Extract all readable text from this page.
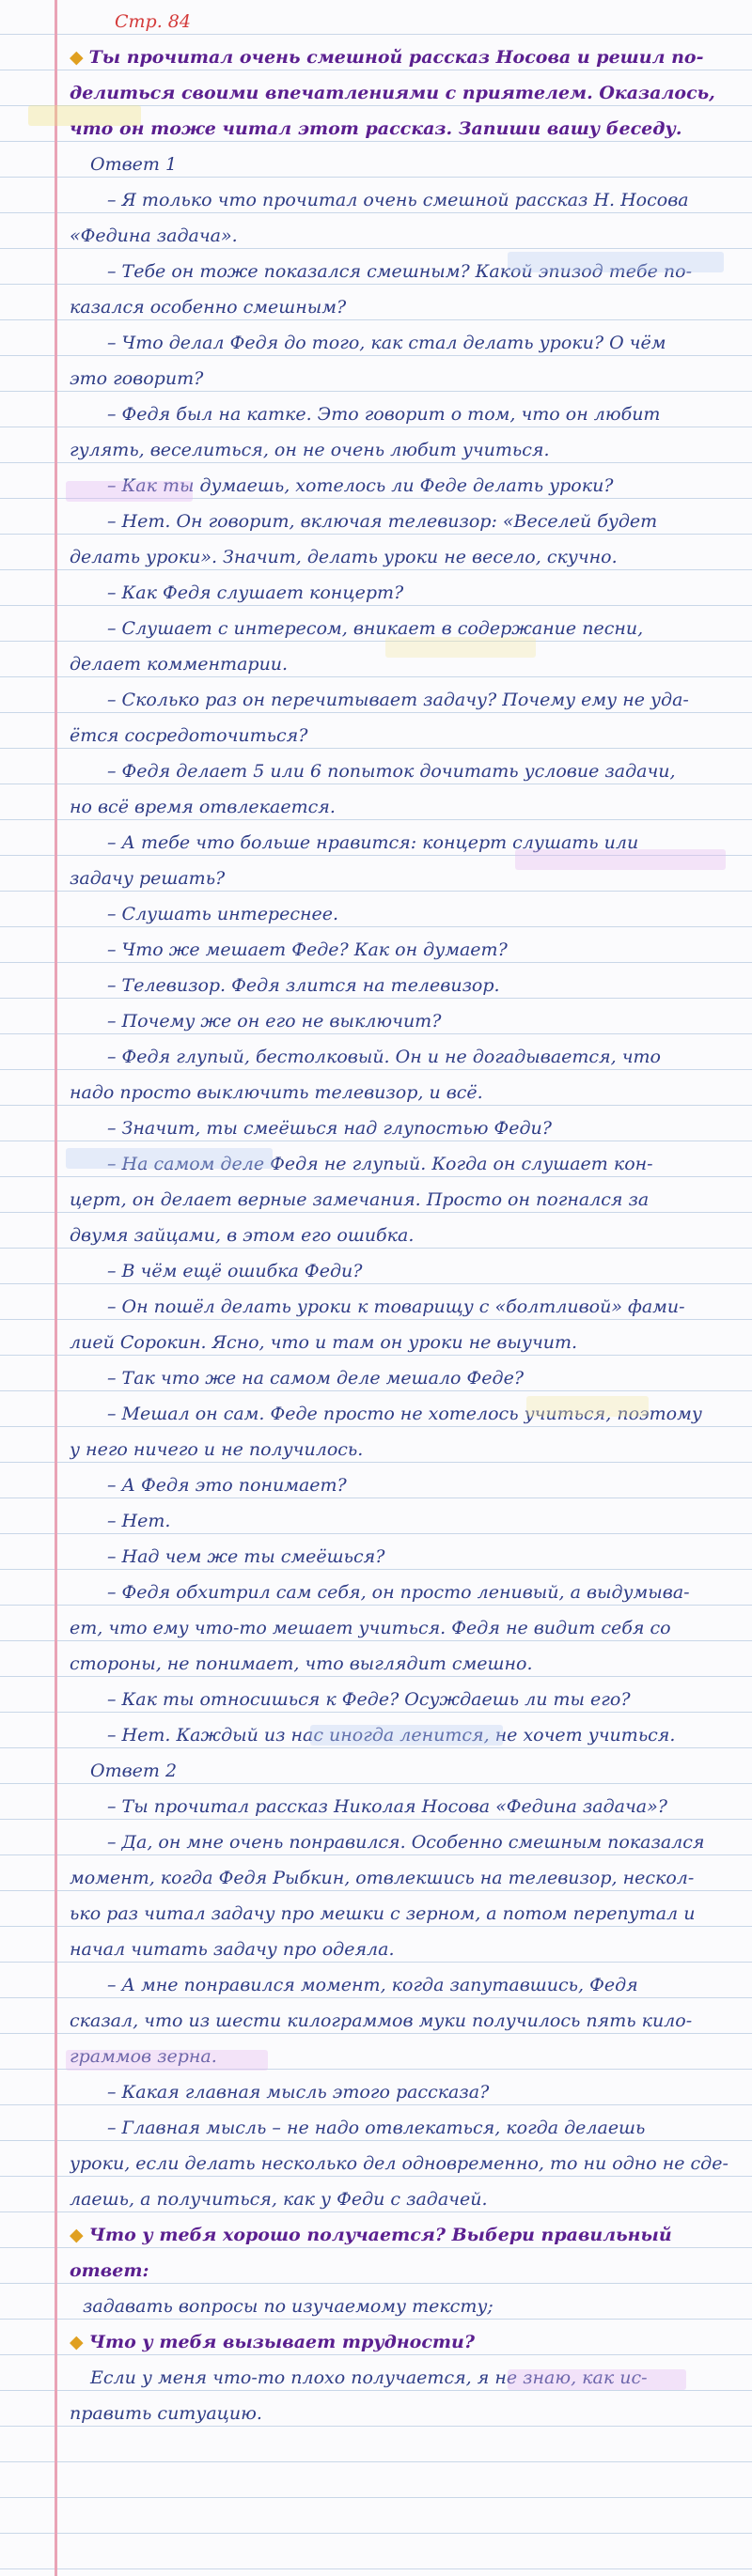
Стр. 84
◆ Ты прочитал очень смешной рассказ Носова и решил по-
делиться своими впечатлениями с приятелем. Оказалось,
что он тоже читал этот рассказ. Запиши вашу беседу.
Ответ 1
– Я только что прочитал очень смешной рассказ Н. Носова
«Федина задача».
– Тебе он тоже показался смешным? Какой эпизод тебе по-
казался особенно смешным?
– Что делал Федя до того, как стал делать уроки? О чём
это говорит?
– Федя был на катке. Это говорит о том, что он любит
гулять, веселиться, он не очень любит учиться.
– Как ты думаешь, хотелось ли Феде делать уроки?
– Нет. Он говорит, включая телевизор: «Веселей будет
делать уроки». Значит, делать уроки не весело, скучно.
– Как Федя слушает концерт?
– Слушает с интересом, вникает в содержание песни,
делает комментарии.
– Сколько раз он перечитывает задачу? Почему ему не уда-
ётся сосредоточиться?
– Федя делает 5 или 6 попыток дочитать условие задачи,
но всё время отвлекается.
– А тебе что больше нравится: концерт слушать или
задачу решать?
– Слушать интереснее.
– Что же мешает Феде? Как он думает?
– Телевизор. Федя злится на телевизор.
– Почему же он его не выключит?
– Федя глупый, бестолковый. Он и не догадывается, что
надо просто выключить телевизор, и всё.
– Значит, ты смеёшься над глупостью Феди?
– На самом деле Федя не глупый. Когда он слушает кон-
церт, он делает верные замечания. Просто он погнался за
двумя зайцами, в этом его ошибка.
– В чём ещё ошибка Феди?
– Он пошёл делать уроки к товарищу с «болтливой» фами-
лией Сорокин. Ясно, что и там он уроки не выучит.
– Так что же на самом деле мешало Феде?
– Мешал он сам. Феде просто не хотелось учиться, поэтому
у него ничего и не получилось.
– А Федя это понимает?
– Нет.
– Над чем же ты смеёшься?
– Федя обхитрил сам себя, он просто ленивый, а выдумыва-
ет, что ему что-то мешает учиться. Федя не видит себя со
стороны, не понимает, что выглядит смешно.
– Как ты относишься к Феде? Осуждаешь ли ты его?
– Нет. Каждый из нас иногда ленится, не хочет учиться.
Ответ 2
– Ты прочитал рассказ Николая Носова «Федина задача»?
– Да, он мне очень понравился. Особенно смешным показался
момент, когда Федя Рыбкин, отвлекшись на телевизор, нескол-
ько раз читал задачу про мешки с зерном, а потом перепутал и
начал читать задачу про одеяла.
– А мне понравился момент, когда запутавшись, Федя
сказал, что из шести килограммов муки получилось пять кило-
граммов зерна.
– Какая главная мысль этого рассказа?
– Главная мысль – не надо отвлекаться, когда делаешь
уроки, если делать несколько дел одновременно, то ни одно не сде-
лаешь, а получиться, как у Феди с задачей.
◆ Что у тебя хорошо получается? Выбери правильный
ответ:
задавать вопросы по изучаемому тексту;
◆ Что у тебя вызывает трудности?
Если у меня что-то плохо получается, я не знаю, как ис-
править ситуацию.
